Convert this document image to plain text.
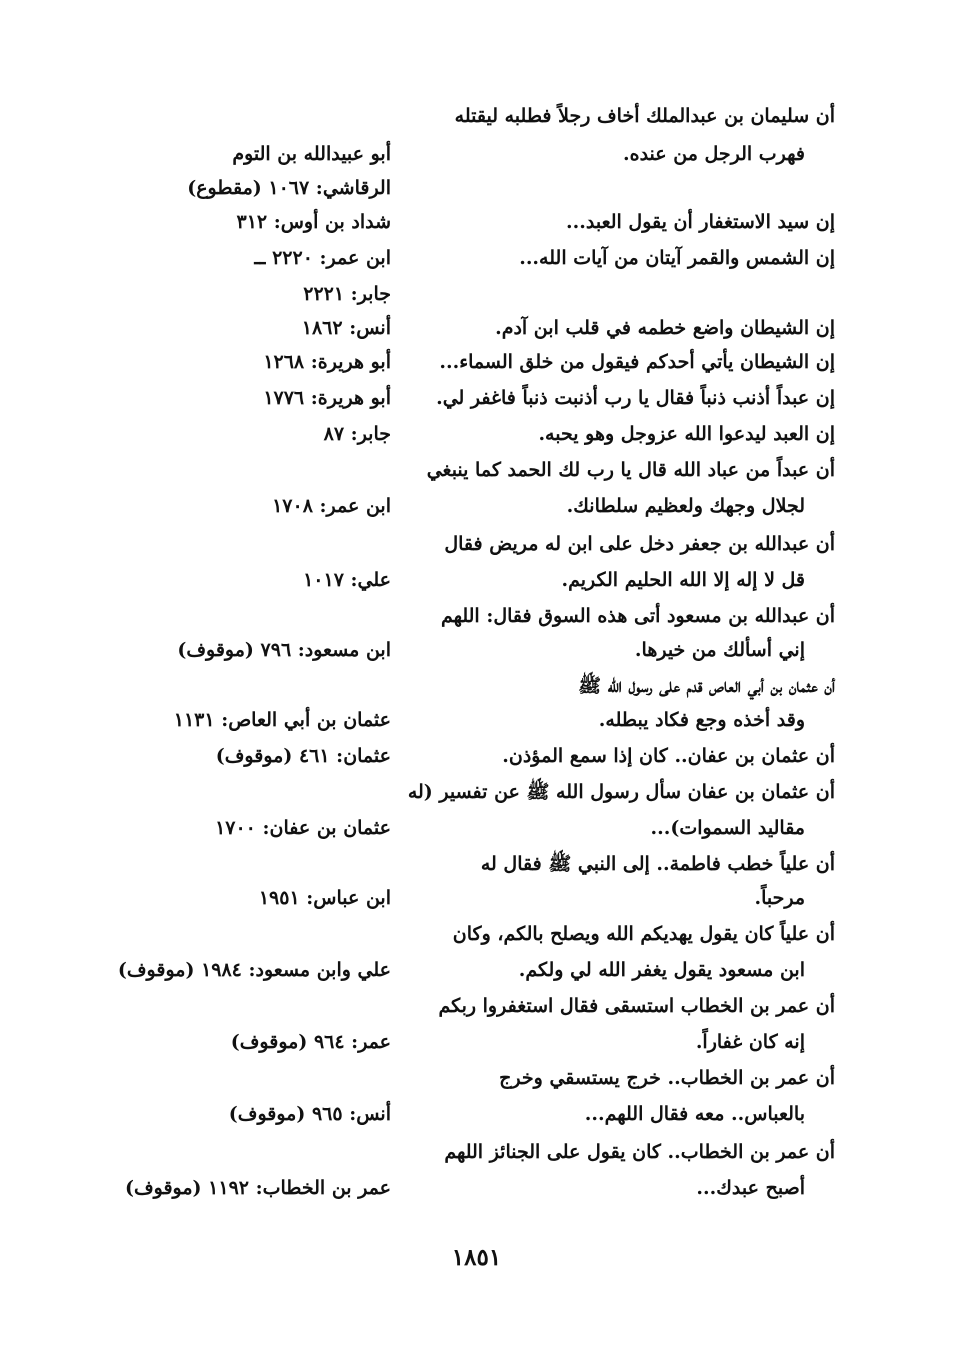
أن سليمان بن عبدالملك أخاف رجلاً فطلبه ليقتله
فهرب الرجل من عنده.
أبو عبيدالله بن التوم
الرقاشي: ١٠٦٧ (مقطوع)
إن سيد الاستغفار أن يقول العبد...
شداد بن أوس: ٣١٢
إن الشمس والقمر آيتان من آيات الله...
ابن عمر: ٢٢٢٠ ــ
جابر: ٢٢٢١
إن الشيطان واضع خطمه في قلب ابن آدم.
أنس: ١٨٦٢
إن الشيطان يأتي أحدكم فيقول من خلق السماء...
أبو هريرة: ١٢٦٨
إن عبداً أذنب ذنباً فقال يا رب أذنبت ذنباً فاغفر لي.
أبو هريرة: ١٧٧٦
إن العبد ليدعوا الله عزوجل وهو يحبه.
جابر: ٨٧
أن عبداً من عباد الله قال يا رب لك الحمد كما ينبغي
لجلال وجهك ولعظيم سلطانك.
ابن عمر: ١٧٠٨
أن عبدالله بن جعفر دخل على ابن له مريض فقال
قل لا إله إلا الله الحليم الكريم.
علي: ١٠١٧
أن عبدالله بن مسعود أتى هذه السوق فقال: اللهم
إني أسألك من خيرها.
ابن مسعود: ٧٩٦ (موقوف)
أن عثمان بن أبي العاص قدم على رسول الله ﷺ
وقد أخذه وجع فكاد يبطله.
عثمان بن أبي العاص: ١١٣١
أن عثمان بن عفان.. كان إذا سمع المؤذن.
عثمان: ٤٦١ (موقوف)
أن عثمان بن عفان سأل رسول الله ﷺ عن تفسير (له
مقاليد السموات)...
عثمان بن عفان: ١٧٠٠
أن علياً خطب فاطمة.. إلى النبي ﷺ فقال له
مرحباً.
ابن عباس: ١٩٥١
أن علياً كان يقول يهديكم الله ويصلح بالكم، وكان
ابن مسعود يقول يغفر الله لي ولكم.
علي وابن مسعود: ١٩٨٤ (موقوف)
أن عمر بن الخطاب استسقى فقال استغفروا ربكم
إنه كان غفاراً.
عمر: ٩٦٤ (موقوف)
أن عمر بن الخطاب.. خرج يستسقي وخرج
بالعباس.. معه فقال اللهم...
أنس: ٩٦٥ (موقوف)
أن عمر بن الخطاب.. كان يقول على الجنائز اللهم
أصبح عبدك...
عمر بن الخطاب: ١١٩٢ (موقوف)
١٨٥١
